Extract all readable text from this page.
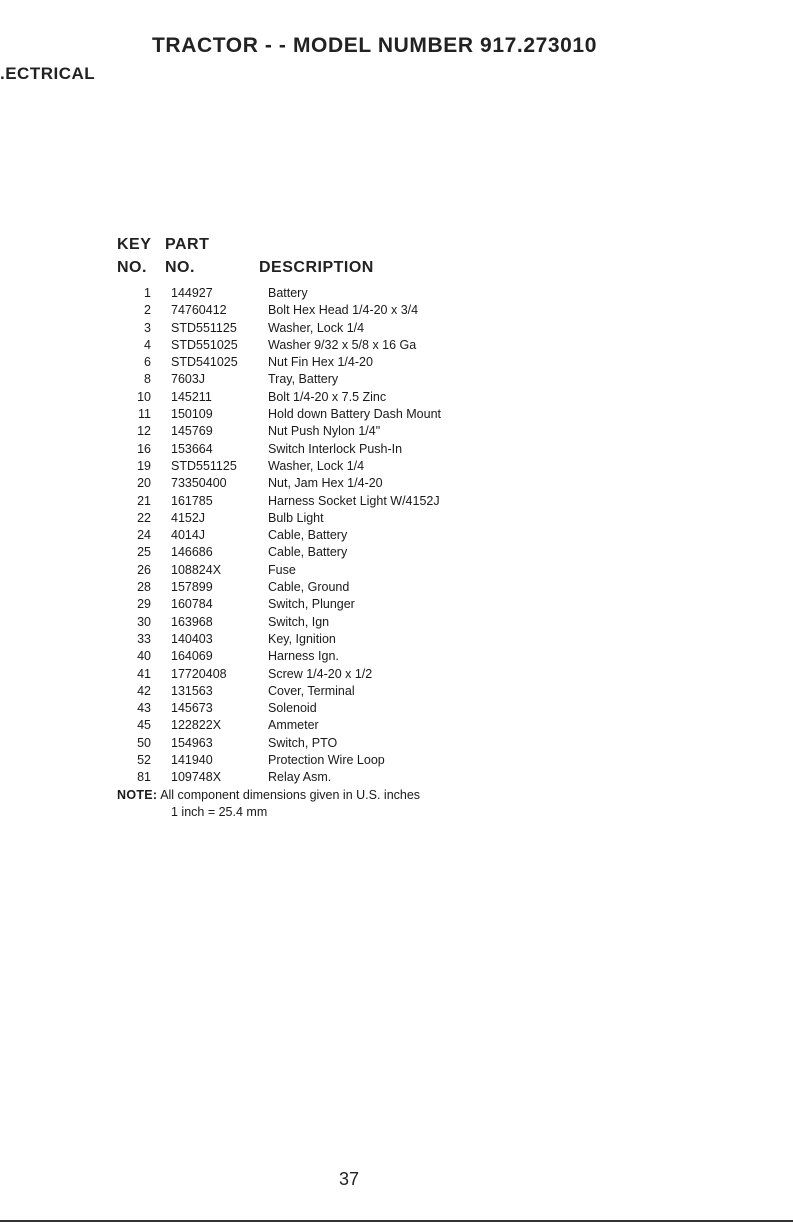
TRACTOR - - MODEL NUMBER 917.273010
.ECTRICAL
KEY
NO.
PART
NO.	DESCRIPTION
1 144927	Battery
2 74760412	Bolt Hex Head 1/4-20 x 3/4
3 STD551125 Washer, Lock 1/4
4 STD551025 Washer 9/32 x 5/8 x 16 Ga
6 STD541025 Nut Fin Hex 1/4-20
8 7603J	Tray, Battery
10 145211	Bolt 1/4-20 x 7.5 Zinc
11 150109	Hold down Battery Dash Mount
12 145769	Nut Push Nylon 1/4"
16 153664	Switch Interlock Push-In
19 STD551125 Washer, Lock 1/4
20 73350400	Nut, Jam Hex 1/4-20
21 161785	Harness Socket Light W/4152J
22 4152J	Bulb Light
24 4014J	Cable, Battery
25 146686	Cable, Battery
26 108824X	Fuse
28 157899	Cable, Ground
29 160784	Switch, Plunger
30 163968	Switch, Ign
33 140403	Key, Ignition
40 164069	Harness Ign.
41 17720408	Screw 1/4-20 x 1/2
42 131563	Cover, Terminal
43 145673	Solenoid
45 122822X	Ammeter
50 154963	Switch, PTO
52 141940	Protection Wire Loop
81 109748X	Relay Asm.
NOTE: All component dimensions given in U.S. inches
1 inch = 25.4 mm
37
